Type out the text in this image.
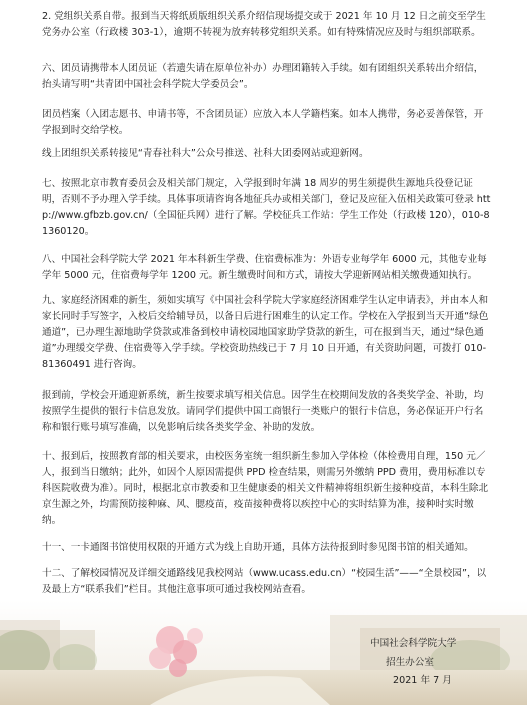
2. 党组织关系自带。报到当天将纸质版组织关系介绍信现场提交或于 2021 年 10 月 12 日之前交至学生党务办公室（行政楼 303-1），逾期不转视为放弃转移党组织关系。如有特殊情况应及时与组织部联系。

六、团员请携带本人团员证（若遗失请在原单位补办）办理团籍转入手续。如有团组织关系转出介绍信，抬头请写明“共青团中国社会科学院大学委员会”。

团员档案（入团志愿书、申请书等，不含团员证）应放入本人学籍档案。如本人携带，务必妥善保管，开学报到时交给学校。

线上团组织关系转接见“青春社科大”公众号推送、社科大团委网站或迎新网。

七、按照北京市教育委员会及相关部门规定，入学报到时年满 18 周岁的男生须提供生源地兵役登记证明，否则不予办理入学手续。具体事项请咨询各地征兵办或相关部门，登记及应征入伍相关政策可登录 http://www.gfbzb.gov.cn/（全国征兵网）进行了解。学校征兵工作站：学生工作处（行政楼 120），010-81360120。

八、中国社会科学院大学 2021 年本科新生学费、住宿费标准为：外语专业每学年 6000 元，其他专业每学年 5000 元，住宿费每学年 1200 元。新生缴费时间和方式，请按大学迎新网站相关缴费通知执行。

九、家庭经济困难的新生，须如实填写《中国社会科学院大学家庭经济困难学生认定申请表》，并由本人和家长同时手写签字，入校后交给辅导员，以备日后进行困难生的认定工作。学校在入学报到当天开通“绿色通道”，已办理生源地助学贷款或准备到校申请校园地国家助学贷款的新生，可在报到当天，通过“绿色通道”办理缓交学费、住宿费等入学手续。学校资助热线已于 7 月 10 日开通，有关资助问题，可拨打 010-81360491 进行咨询。

报到前，学校会开通迎新系统，新生按要求填写相关信息。因学生在校期间发放的各类奖学金、补助，均按照学生提供的银行卡信息发放。请同学们提供中国工商银行一类账户的银行卡信息，务必保证开户行名称和银行账号填写准确，以免影响后续各类奖学金、补助的发放。

十、报到后，按照教育部的相关要求，由校医务室统一组织新生参加入学体检（体检费用自理，150 元／人，报到当日缴纳；此外，如因个人原因需提供 PPD 检查结果，则需另外缴纳 PPD 费用，费用标准以专科医院收费为准）。同时，根据北京市教委和卫生健康委的相关文件精神将组织新生接种疫苗，本科生除北京生源之外，均需预防接种麻、风、腮疫苗，疫苗接种费将以疾控中心的实时结算为准，接种时实时缴纳。

十一、一卡通图书馆使用权限的开通方式为线上自助开通，具体方法待报到时参见图书馆的相关通知。

十二、了解校园情况及详细交通路线见我校网站（www.ucass.edu.cn）“校园生活”——“全景校园”，以及最上方“联系我们”栏目。其他注意事项可通过我校网站查看。

中国社会科学院大学

招生办公室

2021 年 7 月
